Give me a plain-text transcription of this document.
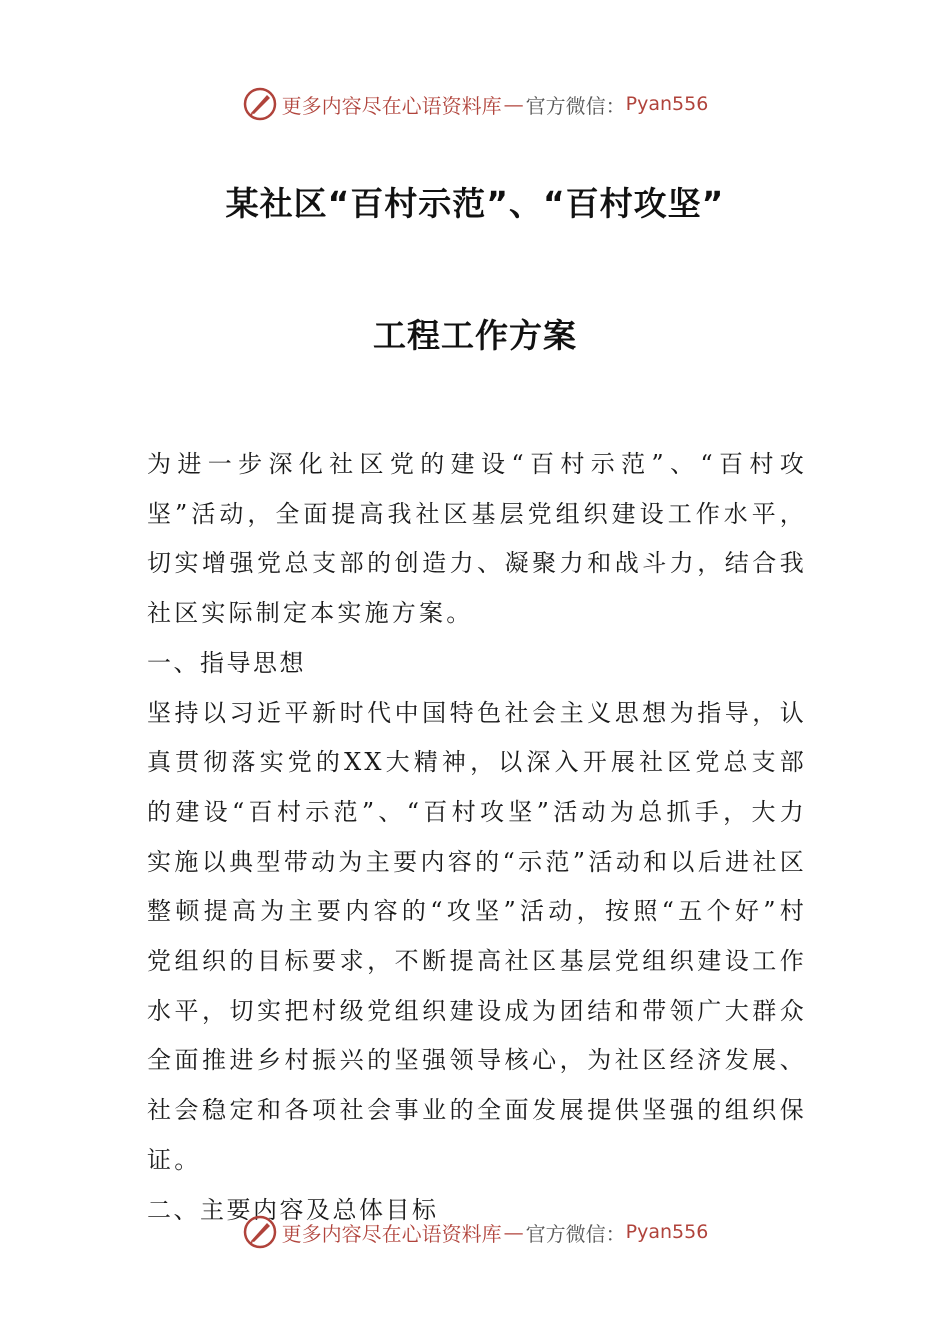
更多内容尽在心语资料库 — 官方微信： Pyan556
某社区“百村示范”、“百村攻坚”
工程工作方案

为进一步深化社区党的建设“百村示范”、“百村攻坚”活动，全面提高我社区基层党组织建设工作水平，切实增强党总支部的创造力、凝聚力和战斗力，结合我社区实际制定本实施方案。

一、指导思想

坚持以习近平新时代中国特色社会主义思想为指导，认真贯彻落实党的XX大精神，以深入开展社区党总支部的建设“百村示范”、“百村攻坚”活动为总抓手，大力实施以典型带动为主要内容的“示范”活动和以后进社区整顿提高为主要内容的“攻坚”活动，按照“五个好”村党组织的目标要求，不断提高社区基层党组织建设工作水平，切实把村级党组织建设成为团结和带领广大群众全面推进乡村振兴的坚强领导核心，为社区经济发展、社会稳定和各项社会事业的全面发展提供坚强的组织保证。

二、主要内容及总体目标

更多内容尽在心语资料库 — 官方微信： Pyan556
